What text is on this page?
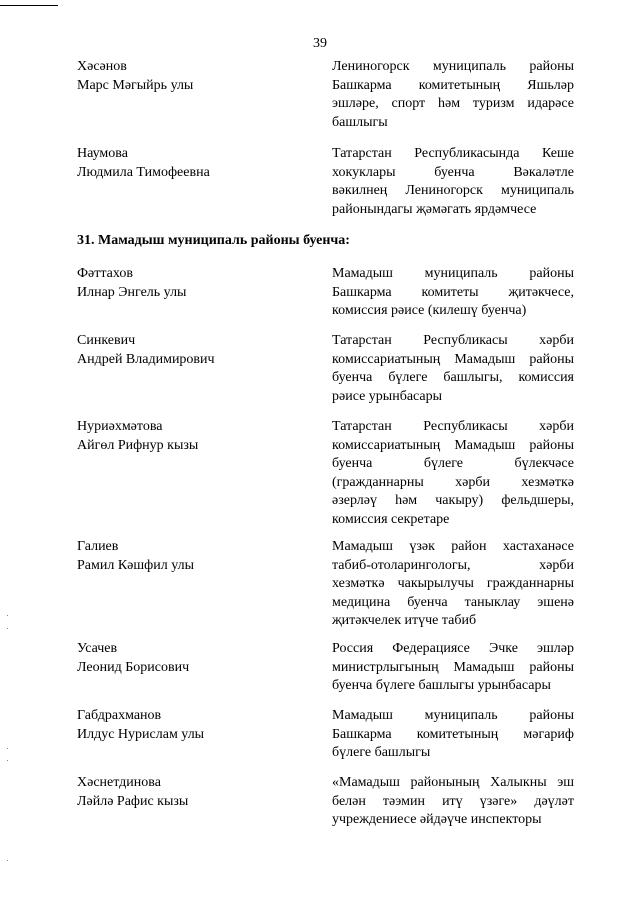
39
Хәсәнов
Марс Мәгыйрь улы
Лениногорск муниципаль районы
Башкарма комитетының Яшьләр
эшләре, спорт һәм туризм идарәсе
башлыгы
Наумова
Людмила Тимофеевна
Татарстан Республикасында Кеше
хокуклары буенча Вәкаләтле
вәкилнең Лениногорск муниципаль
районындагы җәмәгать ярдәмчесе
31. Мамадыш муниципаль районы буенча:
Фәттахов
Илнар Энгель улы
Мамадыш муниципаль районы
Башкарма комитеты җитәкчесе,
комиссия рәисе (килешү буенча)
Синкевич
Андрей Владимирович
Татарстан Республикасы хәрби
комиссариатының Мамадыш районы
буенча бүлеге башлыгы, комиссия
рәисе урынбасары
Нуриәхмәтова
Айгөл Рифнур кызы
Татарстан Республикасы хәрби
комиссариатының Мамадыш районы
буенча бүлеге бүлекчәсе
(гражданнарны хәрби хезмәткә
әзерләү һәм чакыру) фельдшеры,
комиссия секретаре
Галиев
Рамил Кәшфил улы
Мамадыш үзәк район хастаханәсе
табиб-отоларингологы, хәрби
хезмәткә чакырылучы гражданнарны
медицина буенча таныклау эшенә
җитәкчелек итүче табиб
Усачев
Леонид Борисович
Россия Федерациясе Эчке эшләр
министрлыгының Мамадыш районы
буенча бүлеге башлыгы урынбасары
Габдрахманов
Илдус Нурислам улы
Мамадыш муниципаль районы
Башкарма комитетының мәгариф
бүлеге башлыгы
Хәснетдинова
Ләйлә Рафис кызы
«Мамадыш районының Халыкны эш
белән тәэмин итү үзәге» дәүләт
учреждениесе әйдәүче инспекторы
